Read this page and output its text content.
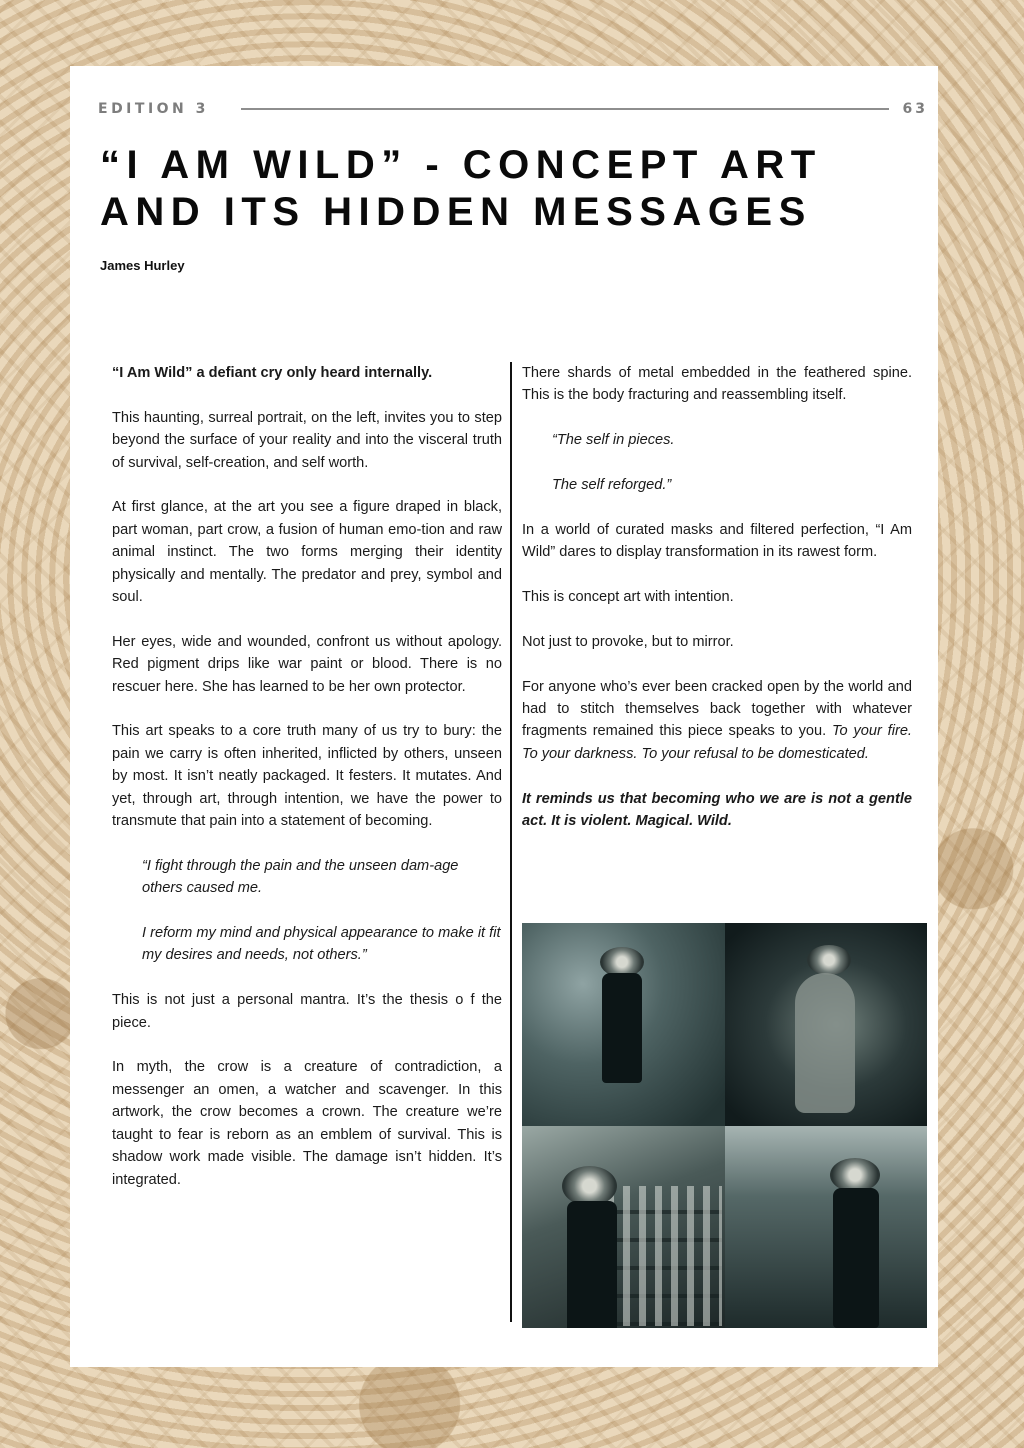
EDITION 3	63
“I AM WILD” - CONCEPT ART
AND ITS HIDDEN MESSAGES
James Hurley

“I Am Wild” a defiant cry only heard internally.

This haunting, surreal portrait, on the left, invites you to step beyond the surface of your reality and into the visceral truth of survival, self-creation, and self worth.

At first glance, at the art you see a figure draped in black, part woman, part crow, a fusion of human emo-tion and raw animal instinct. The two forms merging their identity physically and mentally. The predator and prey, symbol and soul.

Her eyes, wide and wounded, confront us without apology. Red pigment drips like war paint or blood. There is no rescuer here. She has learned to be her own protector.

This art speaks to a core truth many of us try to bury: the pain we carry is often inherited, inflicted by others, unseen by most. It isn’t neatly packaged. It festers. It mutates. And yet, through art, through intention, we have the power to transmute that pain into a statement of becoming.

“I fight through the pain and the unseen dam-age others caused me.

I reform my mind and physical appearance to make it fit my desires and needs, not others.”

This is not just a personal mantra. It’s the thesis o f the piece.

In myth, the crow is a creature of contradiction, a messenger an omen, a watcher and scavenger. In this artwork, the crow becomes a crown. The creature we’re taught to fear is reborn as an emblem of survival. This is shadow work made visible. The damage isn’t hidden. It’s integrated.

There shards of metal embedded in the feathered spine. This is the body fracturing and reassembling itself.

“The self in pieces.

The self reforged.”

In a world of curated masks and filtered perfection, “I Am Wild” dares to display transformation in its rawest form.

This is concept art with intention.

Not just to provoke, but to mirror.

For anyone who’s ever been cracked open by the world and had to stitch themselves back together with whatever fragments remained this piece speaks to you. To your fire. To your darkness. To your refusal to be domesticated.

It reminds us that becoming who we are is not a gentle act. It is violent. Magical. Wild.
